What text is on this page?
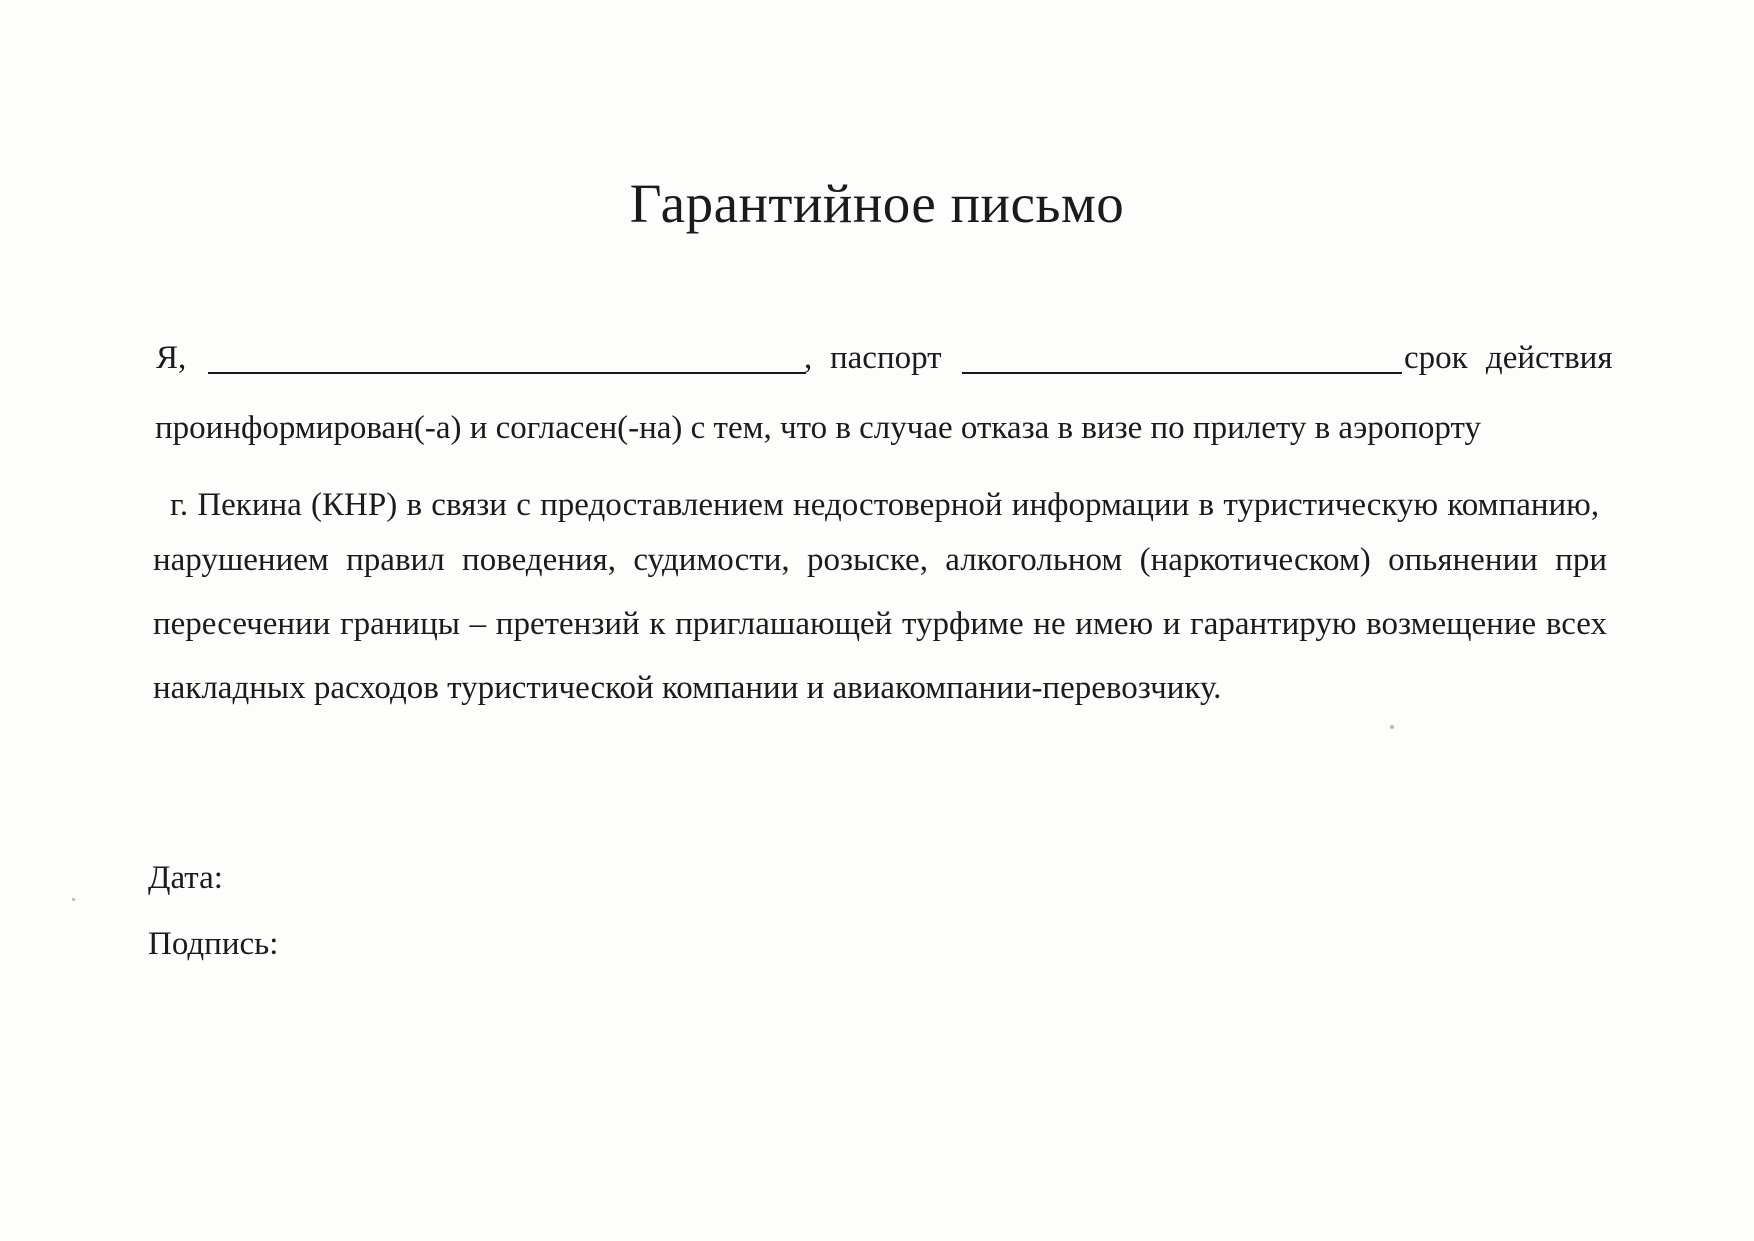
Гарантийное письмо
Я,	, паспорт	срок действия
проинформирован(-а) и согласен(-на) с тем, что в случае отказа в визе по прилету в аэропорту
г. Пекина (КНР) в связи с предоставлением недостоверной информации в туристическую компанию,
нарушением правил поведения, судимости, розыске, алкогольном (наркотическом) опьянении при
пересечении границы – претензий к приглашающей турфиме не имею и гарантирую возмещение всех
накладных расходов туристической компании и авиакомпании-перевозчику.
Дата:
Подпись:
